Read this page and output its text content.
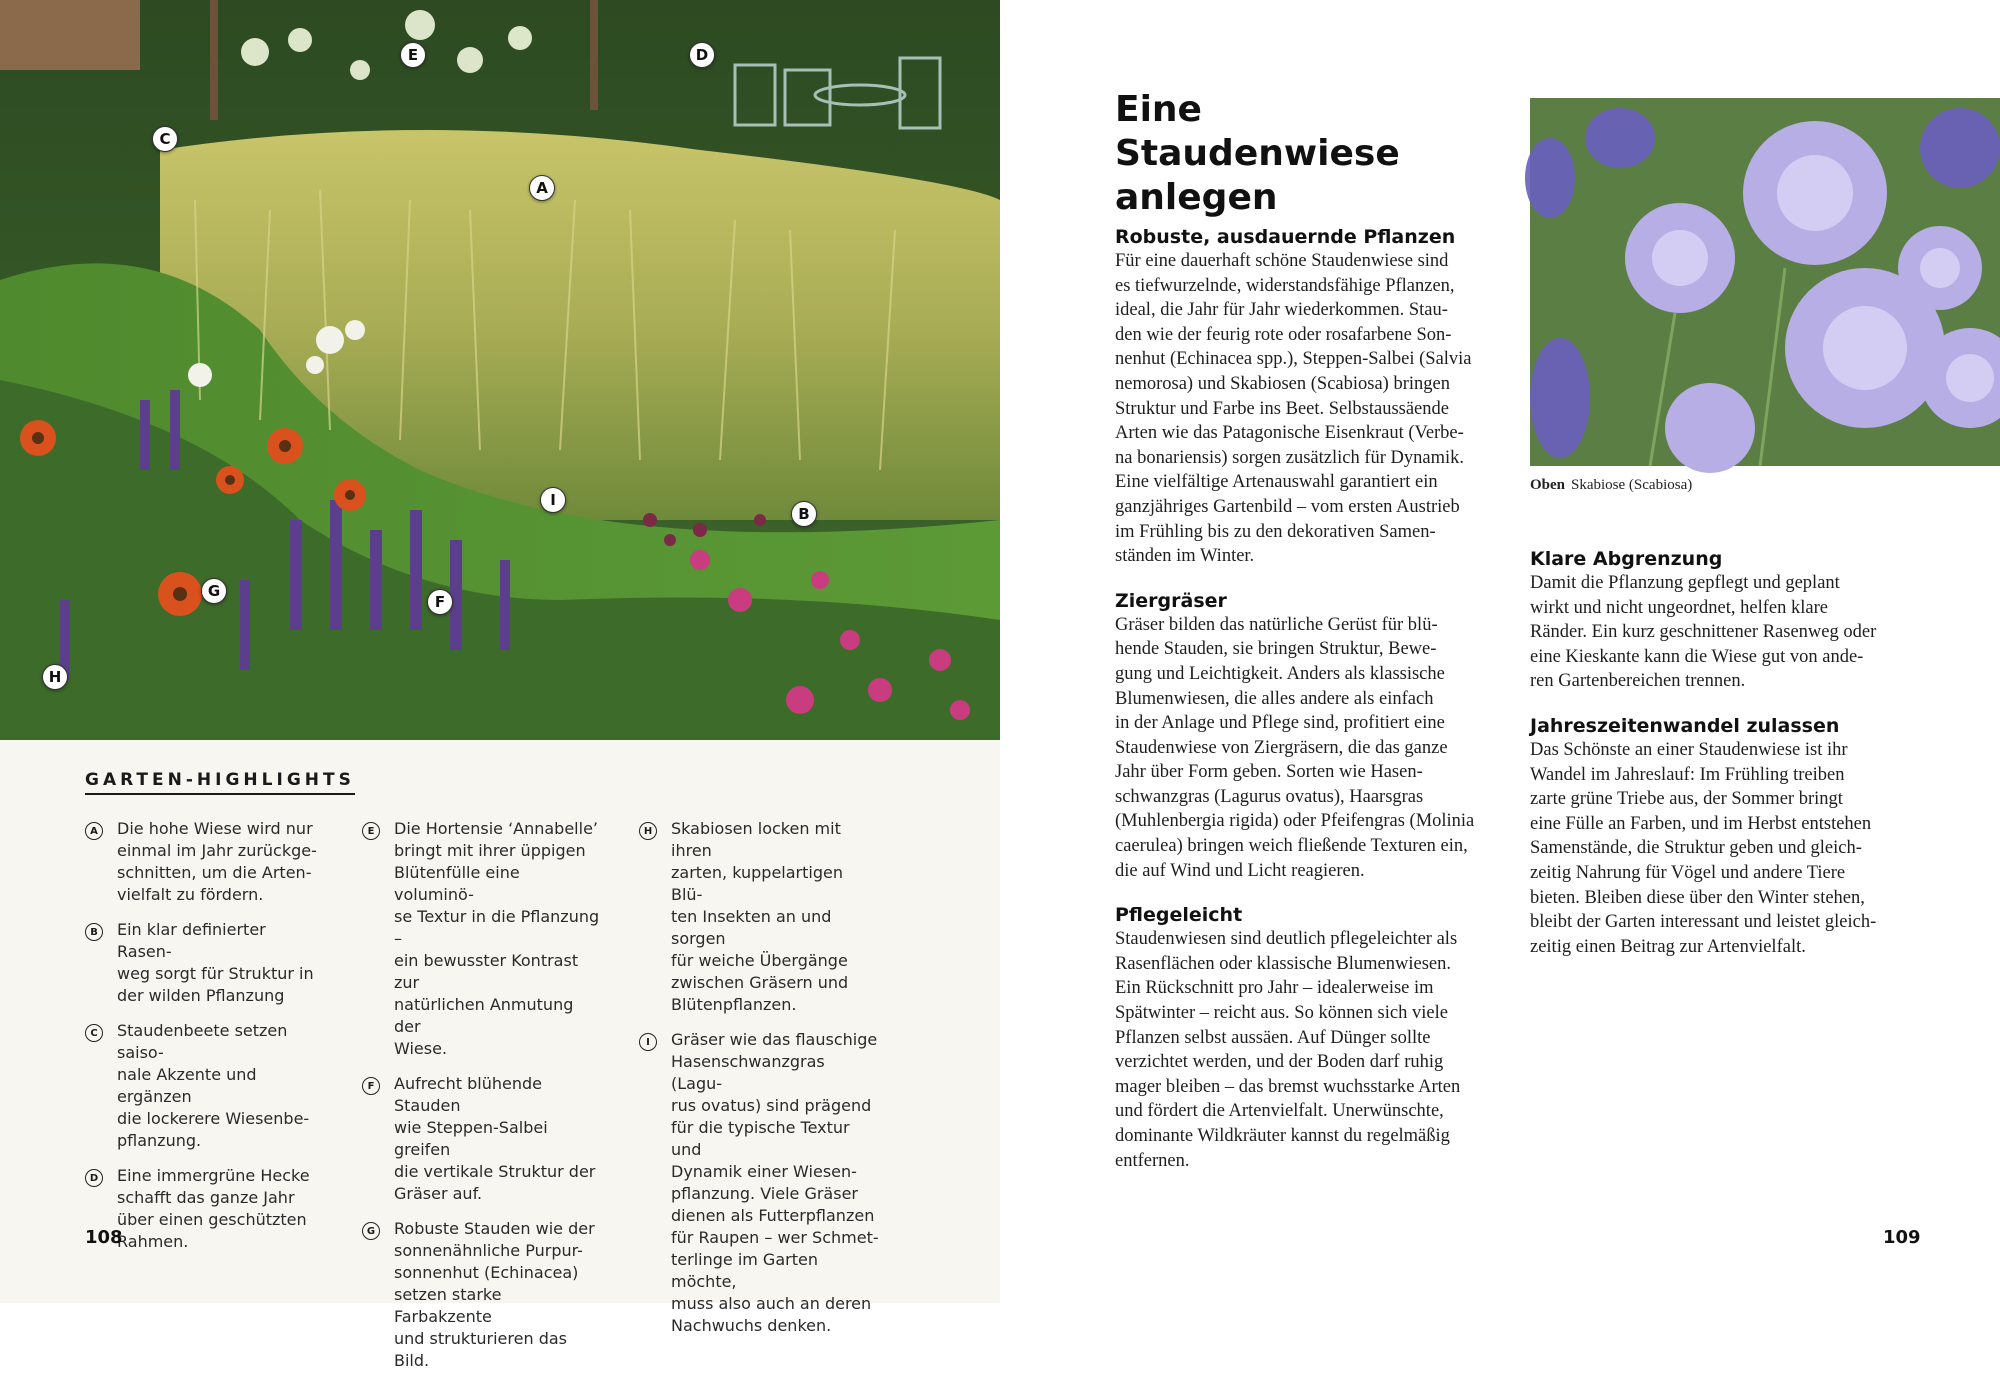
A
B
C
D
E
F
G
H
I
GARTEN-HIGHLIGHTS
A	Die hohe Wiese wird nur
einmal im Jahr zurückge-
schnitten, um die Arten-
vielfalt zu fördern.
B	Ein klar definierter Rasen-
weg sorgt für Struktur in
der wilden Pflanzung
C	Staudenbeete setzen saiso-
nale Akzente und ergänzen
die lockerere Wiesenbe-
pflanzung.
D	Eine immergrüne Hecke
schafft das ganze Jahr
über einen geschützten
Rahmen.
E	Die Hortensie ‘Annabelle’
bringt mit ihrer üppigen
Blütenfülle eine voluminö-
se Textur in die Pflanzung –
ein bewusster Kontrast zur
natürlichen Anmutung der
Wiese.
F	Aufrecht blühende Stauden
wie Steppen-Salbei greifen
die vertikale Struktur der
Gräser auf.
G	Robuste Stauden wie der
sonnenähnliche Purpur-
sonnenhut (Echinacea)
setzen starke Farbakzente
und strukturieren das Bild.
H	Skabiosen locken mit ihren
zarten, kuppelartigen Blü-
ten Insekten an und sorgen
für weiche Übergänge
zwischen Gräsern und
Blütenpflanzen.
I	Gräser wie das flauschige
Hasenschwanzgras (Lagu-
rus ovatus) sind prägend
für die typische Textur und
Dynamik einer Wiesen-
pflanzung. Viele Gräser
dienen als Futterpflanzen
für Raupen – wer Schmet-
terlinge im Garten möchte,
muss also auch an deren
Nachwuchs denken.
108
Eine Staudenwiese
anlegen
Robuste, ausdauernde Pflanzen

Für eine dauerhaft schöne Staudenwiese sind
es tiefwurzelnde, widerstandsfähige Pflanzen,
ideal, die Jahr für Jahr wiederkommen. Stau-
den wie der feurig rote oder rosafarbene Son-
nenhut (Echinacea spp.), Steppen-Salbei (Salvia
nemorosa) und Skabiosen (Scabiosa) bringen
Struktur und Farbe ins Beet. Selbstaussäende
Arten wie das Patagonische Eisenkraut (Verbe-
na bonariensis) sorgen zusätzlich für Dynamik.
Eine vielfältige Artenauswahl garantiert ein
ganzjähriges Gartenbild – vom ersten Austrieb
im Frühling bis zu den dekorativen Samen-
ständen im Winter.

Ziergräser

Gräser bilden das natürliche Gerüst für blü-
hende Stauden, sie bringen Struktur, Bewe-
gung und Leichtigkeit. Anders als klassische
Blumenwiesen, die alles andere als einfach
in der Anlage und Pflege sind, profitiert eine
Staudenwiese von Ziergräsern, die das ganze
Jahr über Form geben. Sorten wie Hasen-
schwanzgras (Lagurus ovatus), Haarsgras
(Muhlenbergia rigida) oder Pfeifengras (Molinia
caerulea) bringen weich fließende Texturen ein,
die auf Wind und Licht reagieren.

Pflegeleicht

Staudenwiesen sind deutlich pflegeleichter als
Rasenflächen oder klassische Blumenwiesen.
Ein Rückschnitt pro Jahr – idealerweise im
Spätwinter – reicht aus. So können sich viele
Pflanzen selbst aussäen. Auf Dünger sollte
verzichtet werden, und der Boden darf ruhig
mager bleiben – das bremst wuchsstarke Arten
und fördert die Artenvielfalt. Unerwünschte,
dominante Wildkräuter kannst du regelmäßig
entfernen.

Oben Skabiose (Scabiosa)
Klare Abgrenzung

Damit die Pflanzung gepflegt und geplant
wirkt und nicht ungeordnet, helfen klare
Ränder. Ein kurz geschnittener Rasenweg oder
eine Kieskante kann die Wiese gut von ande-
ren Gartenbereichen trennen.

Jahreszeitenwandel zulassen

Das Schönste an einer Staudenwiese ist ihr
Wandel im Jahreslauf: Im Frühling treiben
zarte grüne Triebe aus, der Sommer bringt
eine Fülle an Farben, und im Herbst entstehen
Samenstände, die Struktur geben und gleich-
zeitig Nahrung für Vögel und andere Tiere
bieten. Bleiben diese über den Winter stehen,
bleibt der Garten interessant und leistet gleich-
zeitig einen Beitrag zur Artenvielfalt.

109
